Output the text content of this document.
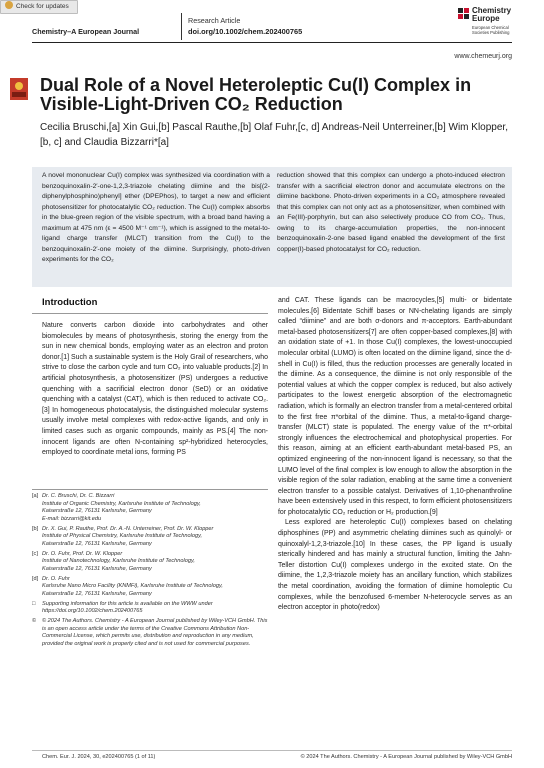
Check for updates
Chemistry–A European Journal
Research Article
doi.org/10.1002/chem.202400765
Chemistry
Europe
European Chemical Societies Publishing
www.chemeurj.org
Dual Role of a Novel Heteroleptic Cu(I) Complex in Visible-Light-Driven CO₂ Reduction
Cecilia Bruschi,[a] Xin Gui,[b] Pascal Rauthe,[b] Olaf Fuhr,[c, d] Andreas-Neil Unterreiner,[b] Wim Klopper,[b, c] and Claudia Bizzarri*[a]
A novel mononuclear Cu(I) complex was synthesized via coordination with a benzoquinoxalin-2′-one-1,2,3-triazole chelating diimine and the bis[(2-diphenylphosphino)phenyl] ether (DPEPhos), to target a new and efficient photosensitizer for photocatalytic CO₂ reduction. The Cu(I) complex absorbs in the blue-green region of the visible spectrum, with a broad band having a maximum at 475 nm (ε = 4500 M⁻¹ cm⁻¹), which is assigned to the metal-to-ligand charge transfer (MLCT) transition from the Cu(I) to the benzoquinoxalin-2′-one moiety of the diimine. Surprisingly, photo-driven experiments for the CO₂
reduction showed that this complex can undergo a photo-induced electron transfer with a sacrificial electron donor and accumulate electrons on the diimine backbone. Photo-driven experiments in a CO₂ atmosphere revealed that this complex can not only act as a photosensitizer, when combined with an Fe(III)-porphyrin, but can also selectively produce CO from CO₂. Thus, owing to its charge-accumulation properties, the non-innocent benzoquinoxalin-2-one based ligand enabled the development of the first copper(I)-based photocatalyst for CO₂ reduction.
Introduction
Nature converts carbon dioxide into carbohydrates and other biomolecules by means of photosynthesis, storing the energy from the sun in new chemical bonds, employing water as an electron and proton donor.[1] Such a sustainable system is the Holy Grail of researchers, who strive to close the carbon cycle and turn CO₂ into valuable products.[2] In artificial photosynthesis, a photosensitizer (PS) undergoes a reductive quenching with a sacrificial electron donor (SeD) or an oxidative quenching with a catalyst (CAT), which is then reduced to activate CO₂.[3] In homogeneous photocatalysis, the distinguished molecular systems usually involve metal complexes with redox-active ligands, and only in limited cases such as organic compounds, mainly as PS.[4] The non-innocent ligands are often N-containing sp²-hybridized heterocycles, employed to coordinate metal ions, forming PS
and CAT. These ligands can be macrocycles,[5] multi- or bidentate molecules.[6] Bidentate Schiff bases or NN-chelating ligands are simply called “diimine” and are both σ-donors and π-acceptors. Earth-abundant metal-based photosensitizers[7] are often copper-based complexes,[8] with an oxidation state of +1. In those Cu(I) complexes, the lowest-unoccupied molecular orbital (LUMO) is often located on the diimine ligand, since the d-shell in Cu(I) is filled, thus the reduction processes are generally located in the diimine. As a consequence, the diimine is not only responsible of the potential values at which the copper complex is reduced, but also actively participates to the lowest energetic absorption of the electromagnetic radiation, which is formally an electron transfer from a metal-centered orbital to the first free π*orbital of the diimine. Thus, a metal-to-ligand charge-transfer (MLCT) state is populated. The energy value of the π*-orbital strongly influences the electrochemical and photophysical properties. For this reason, aiming at an efficient earth-abundant metal-based PS, an optimized engineering of the non-innocent ligand is necessary, so that the LUMO level of the final complex is low enough to allow the absorption in the visible region of the solar radiation, enabling at the same time a convenient electron transfer to a possible catalyst. Derivatives of 1,10-phenanthroline have been extensively used in this respect, to form efficient photosensitizers for photocatalytic CO₂ reduction or H₂ production.[9]
 Less explored are heteroleptic Cu(I) complexes based on chelating diphosphines (PP) and asymmetric chelating diimines such as quinolyl- or quinoxalyl-1,2,3-triazole.[10] In these cases, the PP ligand is usually sterically hindered and has mainly a structural function, limiting the Jahn-Teller distortion Cu(I) complexes undergo in the excited state. On the diimine, the 1,2,3-triazole moiety has an ancillary function, which stabilizes the metal coordination, avoiding the formation of diimine homoleptic Cu complexes, while the benzofused 6-member N-heterocycle serves as an electron acceptor in photo(redox)
[a] Dr. C. Bruschi, Dr. C. Bizzarri
Institute of Organic Chemistry, Karlsruhe Institute of Technology,
Kaiserstraße 12, 76131 Karlsruhe, Germany
E-mail: bizzarri@kit.edu
[b] Dr. X. Gui, P. Rauthe, Prof. Dr. A.-N. Unterreiner, Prof. Dr. W. Klopper
Institute of Physical Chemistry, Karlsruhe Institute of Technology,
Kaiserstraße 12, 76131 Karlsruhe, Germany
[c] Dr. O. Fuhr, Prof. Dr. W. Klopper
Institute of Nanotechnology, Karlsruhe Institute of Technology,
Kaiserstraße 12, 76131 Karlsruhe, Germany
[d] Dr. O. Fuhr
Karlsruhe Nano Micro Facility (KNMFi), Karlsruhe Institute of Technology,
Kaiserstraße 12, 76131 Karlsruhe, Germany
□	Supporting information for this article is available on the WWW under https://doi.org/10.1002/chem.202400765
©	© 2024 The Authors. Chemistry - A European Journal published by Wiley-VCH GmbH. This is an open access article under the terms of the Creative Commons Attribution Non-Commercial License, which permits use, distribution and reproduction in any medium, provided the original work is properly cited and is not used for commercial purposes.
Chem. Eur. J. 2024, 30, e202400765 (1 of 11)	© 2024 The Authors. Chemistry - A European Journal published by Wiley-VCH GmbH
